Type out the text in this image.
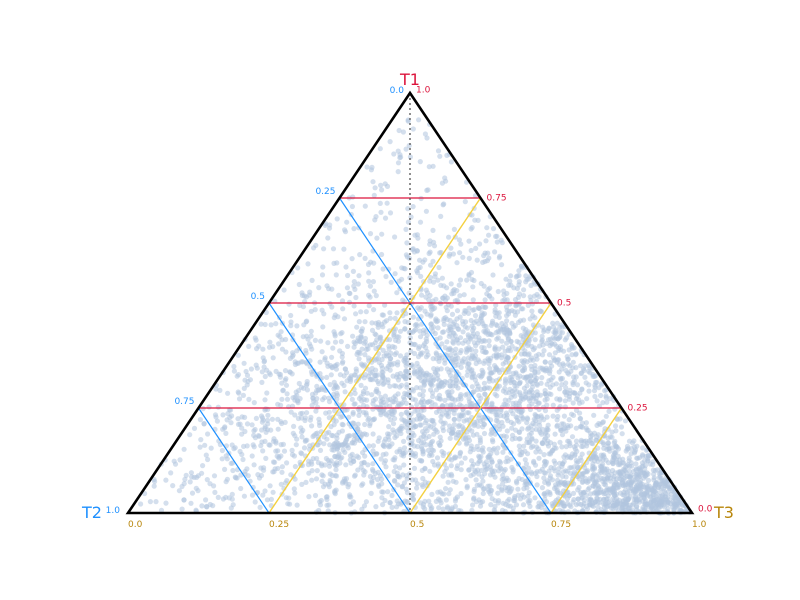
1.0
0.75
0.5
0.25
0.0
0.0
0.25
0.5
0.75
1.0
0.0	0.25	0.5	0.75	1.0
T1
T2	T3
